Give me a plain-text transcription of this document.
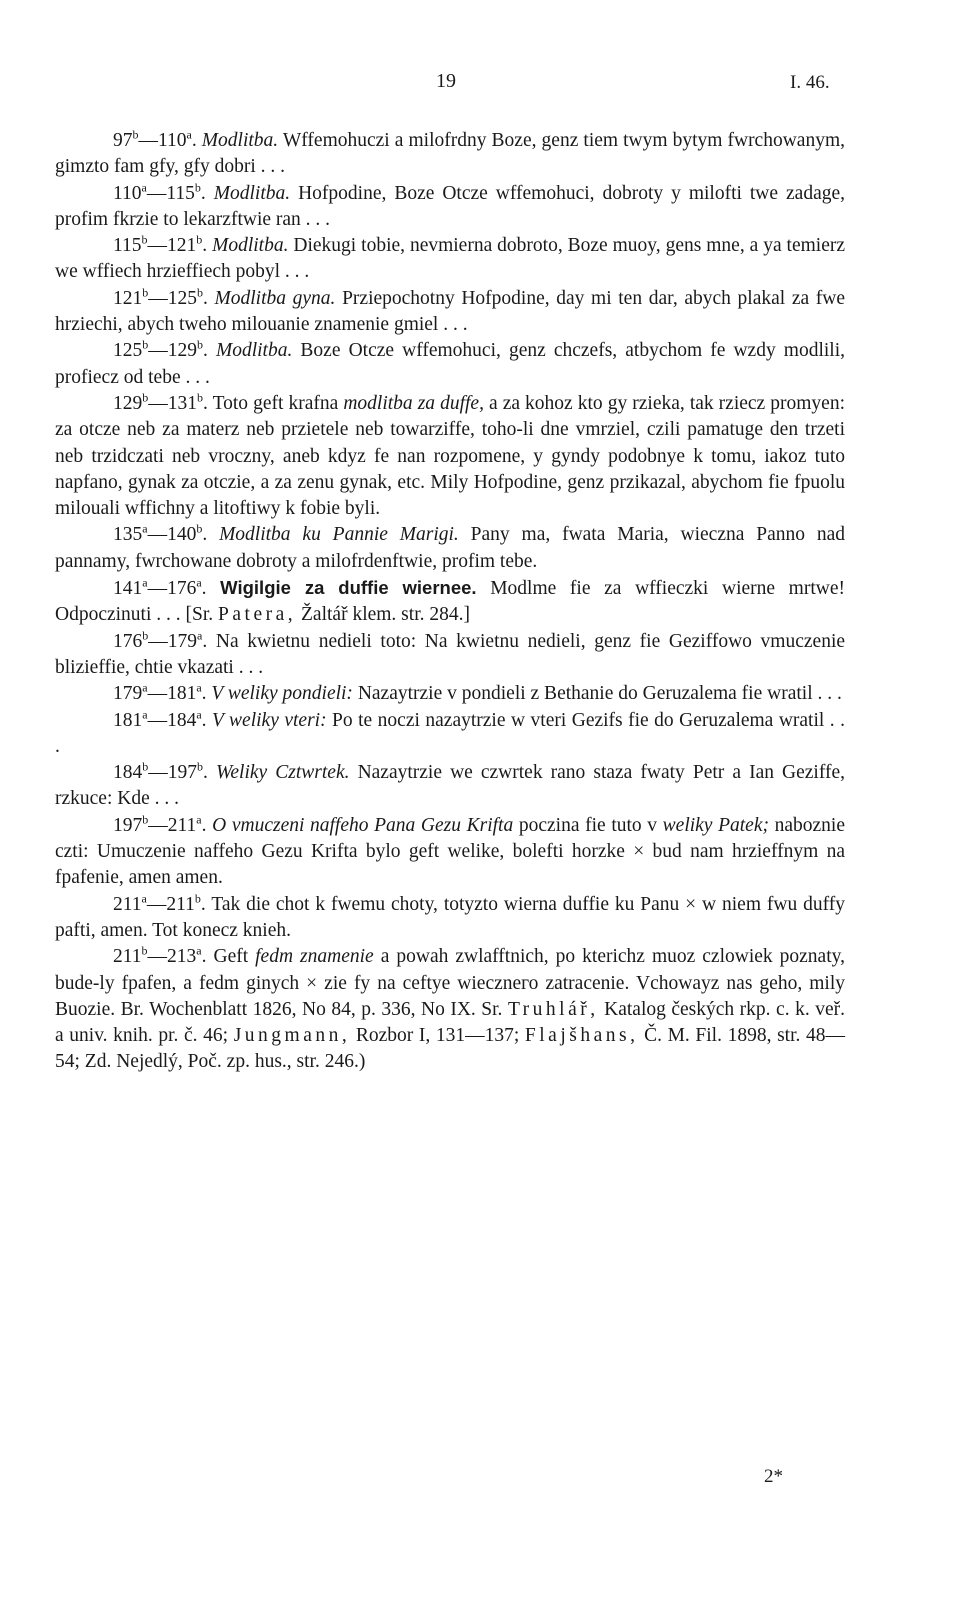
19	I. 46.

97$^b$—110$^a$. Modlitba. Wffemohuczi a milofrdny Boze, genz tiem twym bytym fwrchowanym, gimzto fam gfy, gfy dobri . . .

110$^a$—115$^b$. Modlitba. Hofpodine, Boze Otcze wffemohuci, dobroty y milofti twe zadage, profim fkrzie to lekarzftwie ran . . .

115$^b$—121$^b$. Modlitba. Diekugi tobie, nevmierna dobroto, Boze muoy, gens mne, a ya temierz we wffiech hrzieffiech pobyl . . .

121$^b$—125$^b$. Modlitba gyna. Prziepochotny Hofpodine, day mi ten dar, abych plakal za fwe hrziechi, abych tweho milouanie znamenie gmiel . . .

125$^b$—129$^b$. Modlitba. Boze Otcze wffemohuci, genz chczefs, atbychom fe wzdy modlili, profiecz od tebe . . .

129$^b$—131$^b$. Toto geft krafna modlitba za duffe, a za kohoz kto gy rzieka, tak rziecz promyen: za otcze neb za materz neb przietele neb towarziffe, toho-li dne vmrziel, czili pamatuge den trzeti neb trzidczati neb vroczny, aneb kdyz fe nan rozpomene, y gyndy podobnye k tomu, iakoz tuto napfano, gynak za otczie, a za zenu gynak, etc. Mily Hofpodine, genz przikazal, abychom fie fpuolu milouali wffichny a litoftiwy k fobie byli.

135$^a$—140$^b$. Modlitba ku Pannie Marigi. Pany ma, fwata Maria, wieczna Panno nad pannamy, fwrchowane dobroty a milofrdenftwie, profim tebe.

141$^a$—176$^a$. Wigilgie za duffie wiernee. Modlme fie za wffieczki wierne mrtwe! Odpoczinuti . . . [Sr. Patera, Žaltář klem. str. 284.]

176$^b$—179$^a$. Na kwietnu nedieli toto: Na kwietnu nedieli, genz fie Geziffowo vmuczenie blizieffie, chtie vkazati . . .

179$^a$—181$^a$. V weliky pondieli: Nazaytrzie v pondieli z Bethanie do Geruzalema fie wratil . . .

181$^a$—184$^a$. V weliky vteri: Po te noczi nazaytrzie w vteri Gezifs fie do Geruzalema wratil . . .

184$^b$—197$^b$. Weliky Cztwrtek. Nazaytrzie we czwrtek rano staza fwaty Petr a Ian Geziffe, rzkuce: Kde . . .

197$^b$—211$^a$. O vmuczeni naffeho Pana Gezu Krifta poczina fie tuto v weliky Patek; naboznie czti: Umuczenie naffeho Gezu Krifta bylo geft welike, bolefti horzke × bud nam hrzieffnym na fpafenie, amen amen.

211$^a$—211$^b$. Tak die chot k fwemu choty, totyzto wierna duffie ku Panu × w niem fwu duffy pafti, amen. Tot konecz knieh.

211$^b$—213$^a$. Geft fedm znamenie a powah zwlafftnich, po kterichz muoz czlowiek poznaty, bude-ly fpafen, a fedm ginych × zie fy na ceftye wiecznего zatracenie. Vchowayz nas geho, mily Buozie. Br. Wochenblatt 1826, No 84, p. 336, No IX. Sr. Truhlář, Katalog českých rkp. c. k. veř. a univ. knih. pr. č. 46; Jungmann, Rozbor I, 131—137; Flajšhans, Č. M. Fil. 1898, str. 48—54; Zd. Nejedlý, Poč. zp. hus., str. 246.)

2*
